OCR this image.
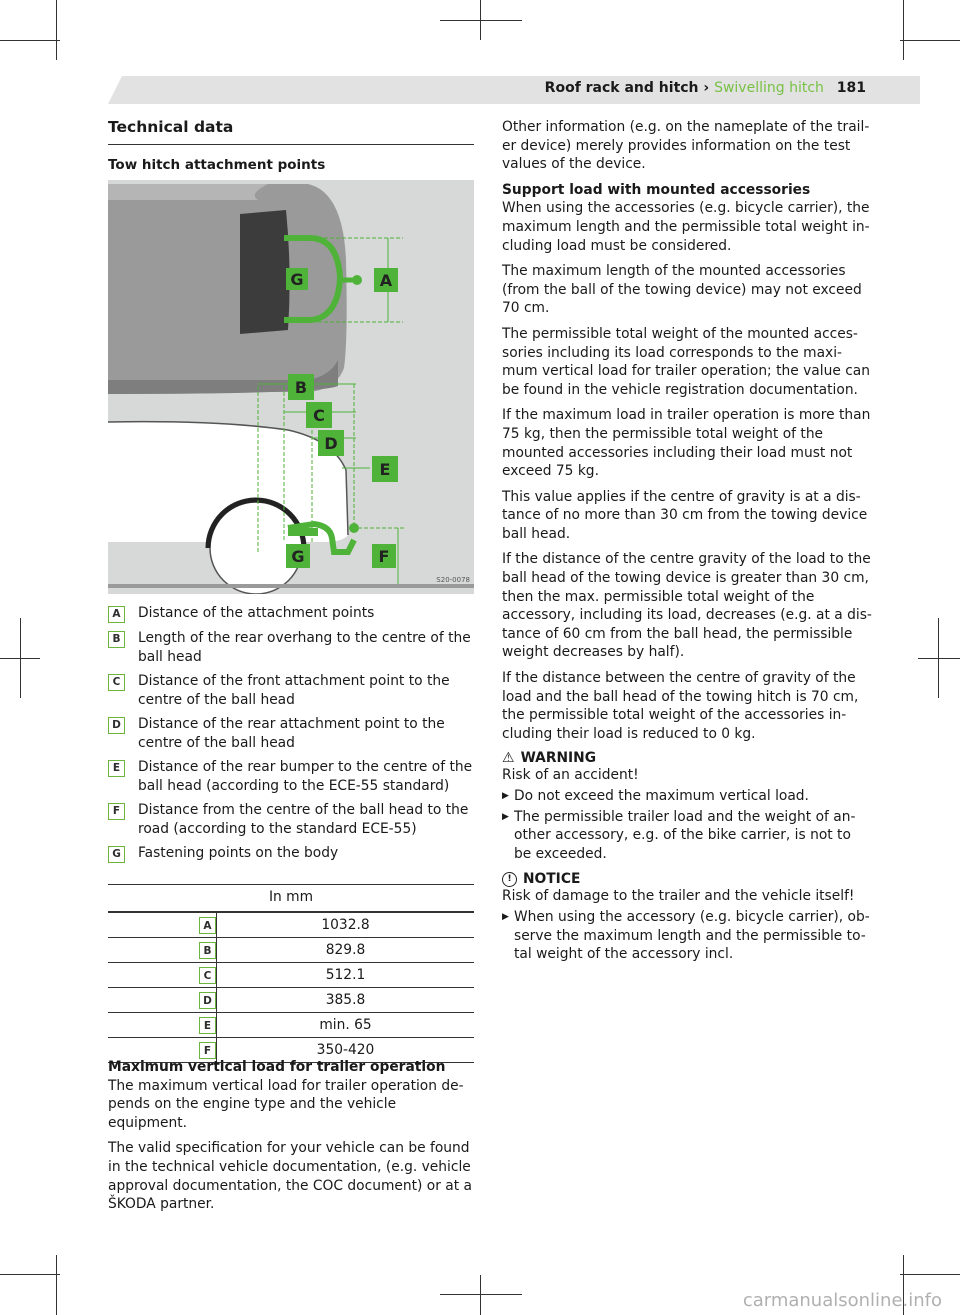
Roof rack and hitch › Swivelling hitch 181
Technical data
Tow hitch attachment points
G	A
S20-0078
B
C
D
E
G	F
A	Distance of the attachment points
B	Length of the rear overhang to the centre of the ball head
C	Distance of the front attachment point to the centre of the ball head
D	Distance of the rear attachment point to the centre of the ball head
E	Distance of the rear bumper to the centre of the ball head (according to the ECE-55 standard)
F	Distance from the centre of the ball head to the road (according to the standard ECE-55)
G	Fastening points on the body
In mm	
A	1032.8
B	829.8
C	512.1
D	385.8
E	min. 65
F	350-420

Maximum vertical load for trailer operation
The maximum vertical load for trailer operation de-pends on the engine type and the vehicle equipment.

The valid specification for your vehicle can be found in the technical vehicle documentation, (e.g. vehicle approval documentation, the COC document) or at a ŠKODA partner.

Other information (e.g. on the nameplate of the trail-er device) merely provides information on the test values of the device.

Support load with mounted accessories
When using the accessories (e.g. bicycle carrier), the maximum length and the permissible total weight in-cluding load must be considered.

The maximum length of the mounted accessories (from the ball of the towing device) may not exceed 70 cm.

The permissible total weight of the mounted acces-sories including its load corresponds to the maxi-mum vertical load for trailer operation; the value can be found in the vehicle registration documentation.

If the maximum load in trailer operation is more than 75 kg, then the permissible total weight of the mounted accessories including their load must not exceed 75 kg.

This value applies if the centre of gravity is at a dis-tance of no more than 30 cm from the towing device ball head.

If the distance of the centre gravity of the load to the ball head of the towing device is greater than 30 cm, then the max. permissible total weight of the accessory, including its load, decreases (e.g. at a dis-tance of 60 cm from the ball head, the permissible weight decreases by half).

If the distance between the centre of gravity of the load and the ball head of the towing hitch is 70 cm, the permissible total weight of the accessories in-cluding their load is reduced to 0 kg.

⚠ WARNING
Risk of an accident!
▶ Do not exceed the maximum vertical load.
▶ The permissible trailer load and the weight of an-other accessory, e.g. of the bike carrier, is not to be exceeded.
! NOTICE
Risk of damage to the trailer and the vehicle itself!
▶ When using the accessory (e.g. bicycle carrier), ob-serve the maximum length and the permissible to-tal weight of the accessory incl.
carmanualsonline.info
